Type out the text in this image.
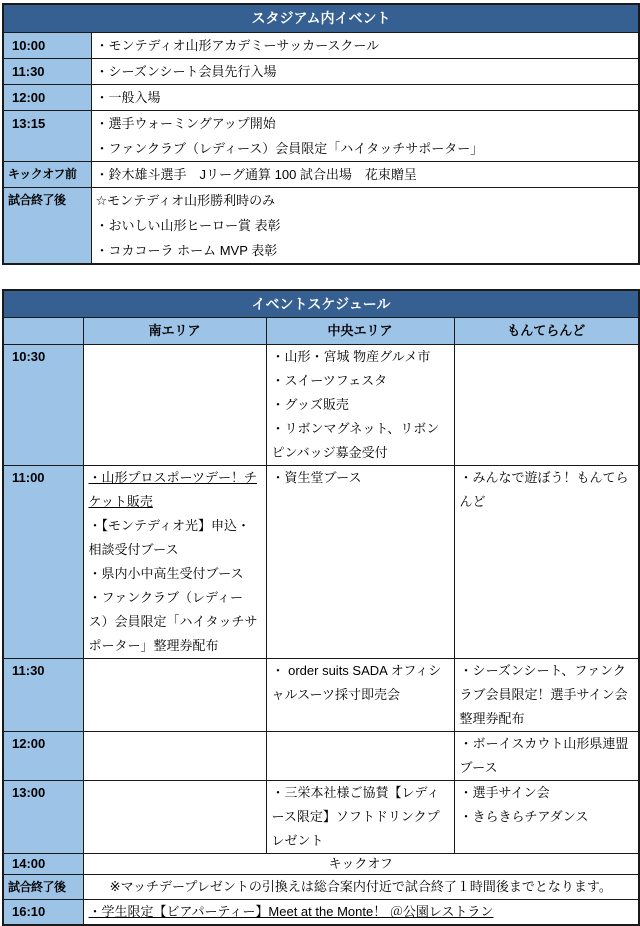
スタジアム内イベント	
10:00	・モンテディオ山形アカデミーサッカースクール

11:30	・シーズンシート会員先行入場

12:00	・一般入場

13:15	・選手ウォーミングアップ開始
・ファンクラブ（レディース）会員限定「ハイタッチサポーター」

キックオフ前	・鈴木雄斗選手　Jリーグ通算 100 試合出場　花束贈呈

試合終了後	☆モンテディオ山形勝利時のみ
・おいしい山形ヒーロー賞 表彰
・コカコーラ ホーム MVP 表彰
イベントスケジュール			
	南エリア	中央エリア	もんてらんど
10:30		・山形・宮城 物産グルメ市
・スイーツフェスタ
・グッズ販売
・リボンマグネット、リボンピンバッジ募金受付	

11:00	・山形プロスポーツデー！チケット販売
・【モンテディオ光】申込・相談受付ブース
・県内小中高生受付ブース
・ファンクラブ（レディース）会員限定「ハイタッチサポーター」整理券配布	・資生堂ブース	・みんなで遊ぼう！もんてらんど

11:30		・ order suits SADA オフィシャルスーツ採寸即売会	・シーズンシート、ファンクラブ会員限定！選手サイン会整理券配布

12:00			・ボーイスカウト山形県連盟ブース

13:00		・三栄本社様ご協賛【レディース限定】ソフトドリンクプレゼント	・選手サイン会
・きらきらチアダンス

14:00	キックオフ		
試合終了後	※マッチデープレゼントの引換えは総合案内付近で試合終了１時間後までとなります。		
16:10	・学生限定【ビアパーティー】Meet at the Monte！ ＠公園レストラン		
